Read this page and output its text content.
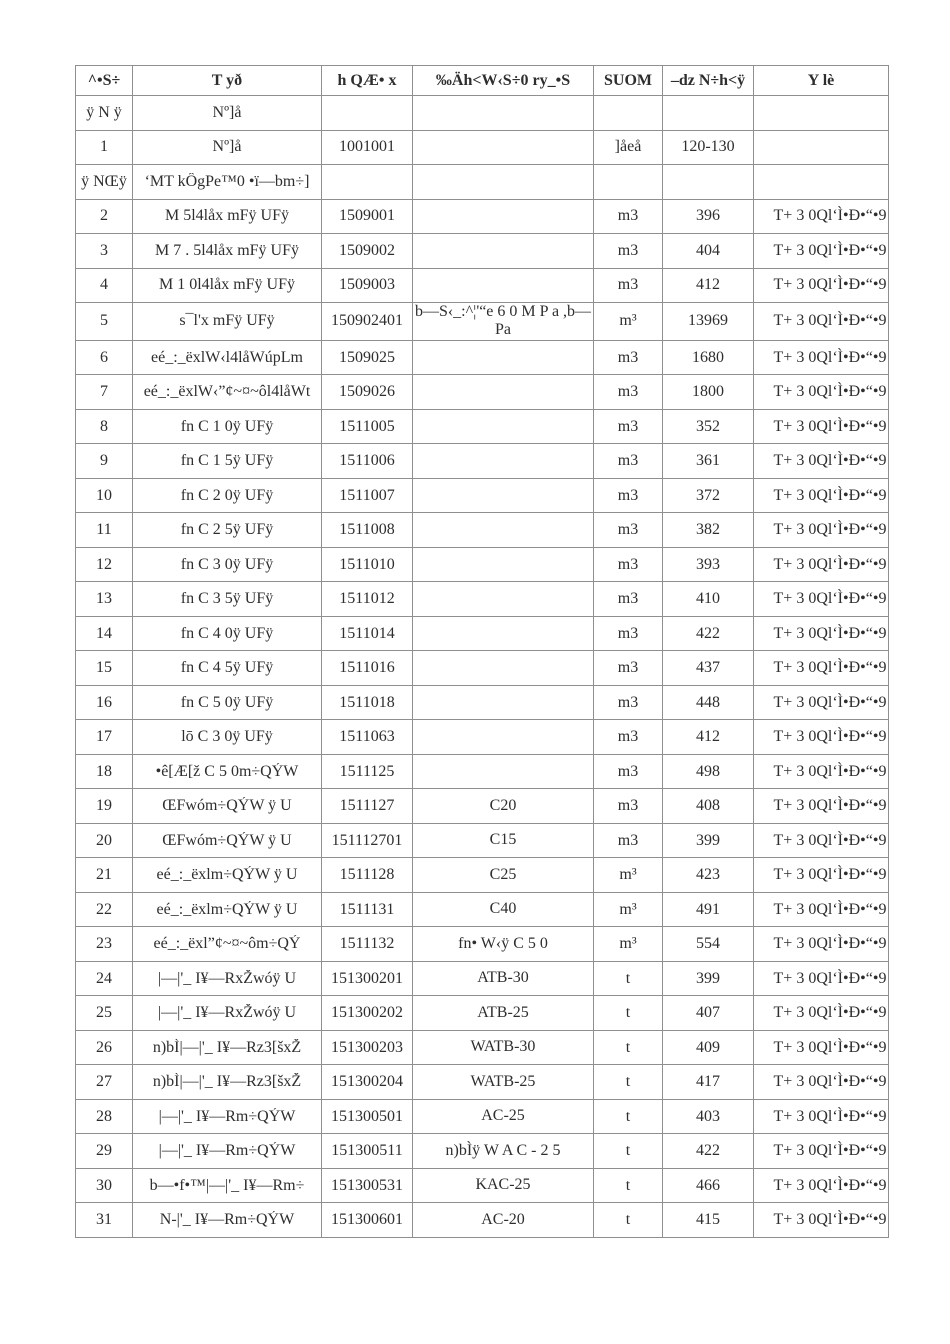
^•S÷	T yð	h QÆ• x	‰Äh<W‹S÷0 ry_•S	SUOM	–dz N÷h<ÿ	Y lè

ÿ N ÿ	Nº]å					

1	Nº]å	1001001		]åeå	120-130	

ÿ NŒÿ	‘MT kÔgPe™0 •ï—bm÷]					

2	M 5l4låx mFÿ UFÿ	1509001		m3	396	T+ 3 0Ql‘Ì•Ð•“•9

3	M 7 . 5l4låx mFÿ UFÿ	1509002		m3	404	T+ 3 0Ql‘Ì•Ð•“•9

4	M 1 0l4låx mFÿ UFÿ	1509003		m3	412	T+ 3 0Ql‘Ì•Ð•“•9

5	s¯l'x mFÿ UFÿ	150902401	b—S‹_:^¦'“e 6 0 M P a ,b—Pa	m³	13969	T+ 3 0Ql‘Ì•Ð•“•9

6	eé_:_ëxlW‹l4låWúpLm	1509025		m3	1680	T+ 3 0Ql‘Ì•Ð•“•9

7	eé_:_ëxlW‹”¢~¤~ôl4låWt	1509026		m3	1800	T+ 3 0Ql‘Ì•Ð•“•9

8	fn C 1 0ÿ UFÿ	1511005		m3	352	T+ 3 0Ql‘Ì•Ð•“•9

9	fn C 1 5ÿ UFÿ	1511006		m3	361	T+ 3 0Ql‘Ì•Ð•“•9

10	fn C 2 0ÿ UFÿ	1511007		m3	372	T+ 3 0Ql‘Ì•Ð•“•9

11	fn C 2 5ÿ UFÿ	1511008		m3	382	T+ 3 0Ql‘Ì•Ð•“•9

12	fn C 3 0ÿ UFÿ	1511010		m3	393	T+ 3 0Ql‘Ì•Ð•“•9

13	fn C 3 5ÿ UFÿ	1511012		m3	410	T+ 3 0Ql‘Ì•Ð•“•9

14	fn C 4 0ÿ UFÿ	1511014		m3	422	T+ 3 0Ql‘Ì•Ð•“•9

15	fn C 4 5ÿ UFÿ	1511016		m3	437	T+ 3 0Ql‘Ì•Ð•“•9

16	fn C 5 0ÿ UFÿ	1511018		m3	448	T+ 3 0Ql‘Ì•Ð•“•9

17	lō C 3 0ÿ UFÿ	1511063		m3	412	T+ 3 0Ql‘Ì•Ð•“•9

18	•ê[Æ[ž C 5 0m÷QÝW	1511125		m3	498	T+ 3 0Ql‘Ì•Ð•“•9

19	ŒFwóm÷QÝW ÿ U	1511127	C20	m3	408	T+ 3 0Ql‘Ì•Ð•“•9

20	ŒFwóm÷QÝW ÿ U	151112701	C15	m3	399	T+ 3 0Ql‘Ì•Ð•“•9

21	eé_:_ëxlm÷QÝW ÿ U	1511128	C25	m³	423	T+ 3 0Ql‘Ì•Ð•“•9

22	eé_:_ëxlm÷QÝW ÿ U	1511131	C40	m³	491	T+ 3 0Ql‘Ì•Ð•“•9

23	eé_:_ëxl”¢~¤~ôm÷QÝ	1511132	fn• W‹ÿ C 5 0	m³	554	T+ 3 0Ql‘Ì•Ð•“•9

24	|—|'_ I¥—RxŽwóÿ U	151300201	ATB-30	t	399	T+ 3 0Ql‘Ì•Ð•“•9

25	|—|'_ I¥—RxŽwóÿ U	151300202	ATB-25	t	407	T+ 3 0Ql‘Ì•Ð•“•9

26	n)bÌ|—|'_ I¥—Rz3[šxŽ	151300203	WATB-30	t	409	T+ 3 0Ql‘Ì•Ð•“•9

27	n)bÌ|—|'_ I¥—Rz3[šxŽ	151300204	WATB-25	t	417	T+ 3 0Ql‘Ì•Ð•“•9

28	|—|'_ I¥—Rm÷QÝW	151300501	AC-25	t	403	T+ 3 0Ql‘Ì•Ð•“•9

29	|—|'_ I¥—Rm÷QÝW	151300511	n)bÌÿ W A C - 2 5	t	422	T+ 3 0Ql‘Ì•Ð•“•9

30	b—•f•™|—|'_ I¥—Rm÷	151300531	KAC-25	t	466	T+ 3 0Ql‘Ì•Ð•“•9

31	N-|'_ I¥—Rm÷QÝW	151300601	AC-20	t	415	T+ 3 0Ql‘Ì•Ð•“•9
